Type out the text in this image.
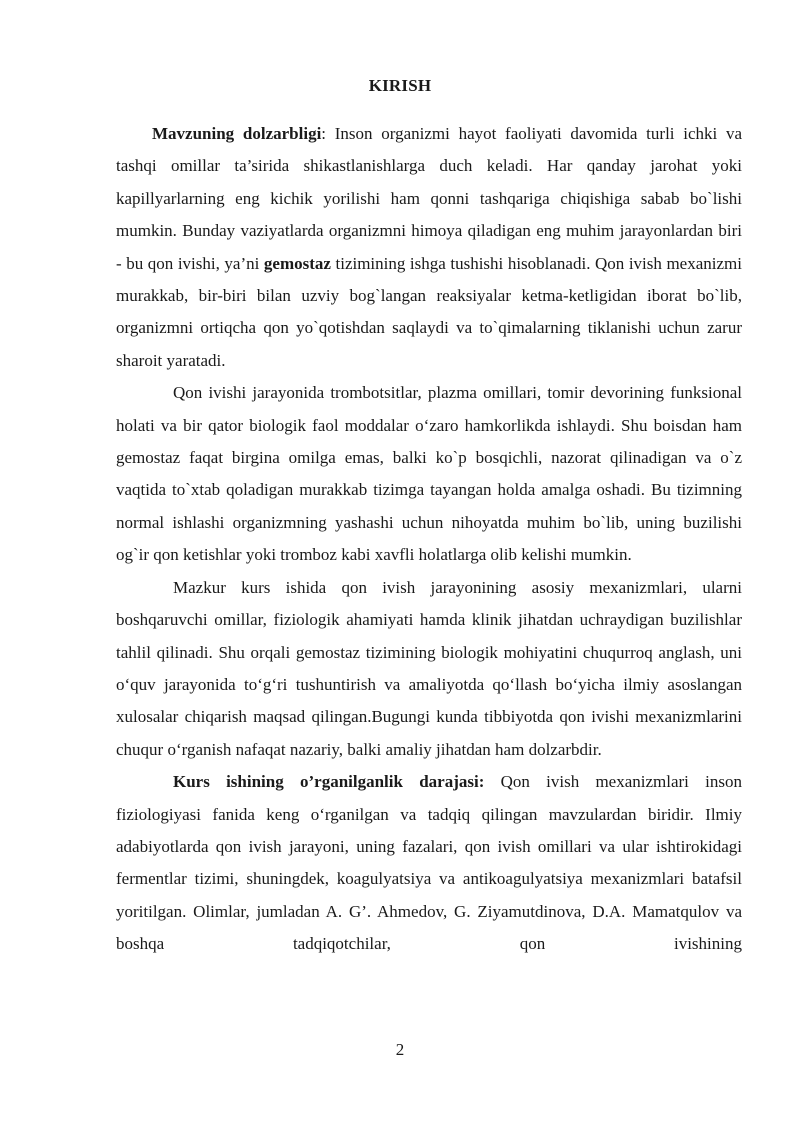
KIRISH

Mavzuning dolzarbligi: Inson organizmi hayot faoliyati davomida turli ichki va tashqi omillar ta’sirida shikastlanishlarga duch keladi. Har qanday jarohat yoki kapillyarlarning eng kichik yorilishi ham qonni tashqariga chiqishiga sabab bo`lishi mumkin. Bunday vaziyatlarda organizmni himoya qiladigan eng muhim jarayonlardan biri - bu qon ivishi, ya’ni gemostaz tizimining ishga tushishi hisoblanadi. Qon ivish mexanizmi murakkab, bir-biri bilan uzviy bog`langan reaksiyalar ketma-ketligidan iborat bo`lib, organizmni ortiqcha qon yo`qotishdan saqlaydi va to`qimalarning tiklanishi uchun zarur sharoit yaratadi.

Qon ivishi jarayonida trombotsitlar, plazma omillari, tomir devorining funksional holati va bir qator biologik faol moddalar o‘zaro hamkorlikda ishlaydi. Shu boisdan ham gemostaz faqat birgina omilga emas, balki ko`p bosqichli, nazorat qilinadigan va o`z vaqtida to`xtab qoladigan murakkab tizimga tayangan holda amalga oshadi. Bu tizimning normal ishlashi organizmning yashashi uchun nihoyatda muhim bo`lib, uning buzilishi og`ir qon ketishlar yoki tromboz kabi xavfli holatlarga olib kelishi mumkin.

Mazkur kurs ishida qon ivish jarayonining asosiy mexanizmlari, ularni boshqaruvchi omillar, fiziologik ahamiyati hamda klinik jihatdan uchraydigan buzilishlar tahlil qilinadi. Shu orqali gemostaz tizimining biologik mohiyatini chuqurroq anglash, uni o‘quv jarayonida to‘g‘ri tushuntirish va amaliyotda qo‘llash bo‘yicha ilmiy asoslangan xulosalar chiqarish maqsad qilingan.Bugungi kunda tibbiyotda qon ivishi mexanizmlarini chuqur o‘rganish nafaqat nazariy, balki amaliy jihatdan ham dolzarbdir.

Kurs ishining o’rganilganlik darajasi: Qon ivish mexanizmlari inson fiziologiyasi fanida keng o‘rganilgan va tadqiq qilingan mavzulardan biridir. Ilmiy adabiyotlarda qon ivish jarayoni, uning fazalari, qon ivish omillari va ular ishtirokidagi fermentlar tizimi, shuningdek, koagulyatsiya va antikoagulyatsiya mexanizmlari batafsil yoritilgan. Olimlar, jumladan A. G’. Ahmedov, G. Ziyamutdinova, D.A. Mamatqulov va boshqa tadqiqotchilar, qon ivishining

2
